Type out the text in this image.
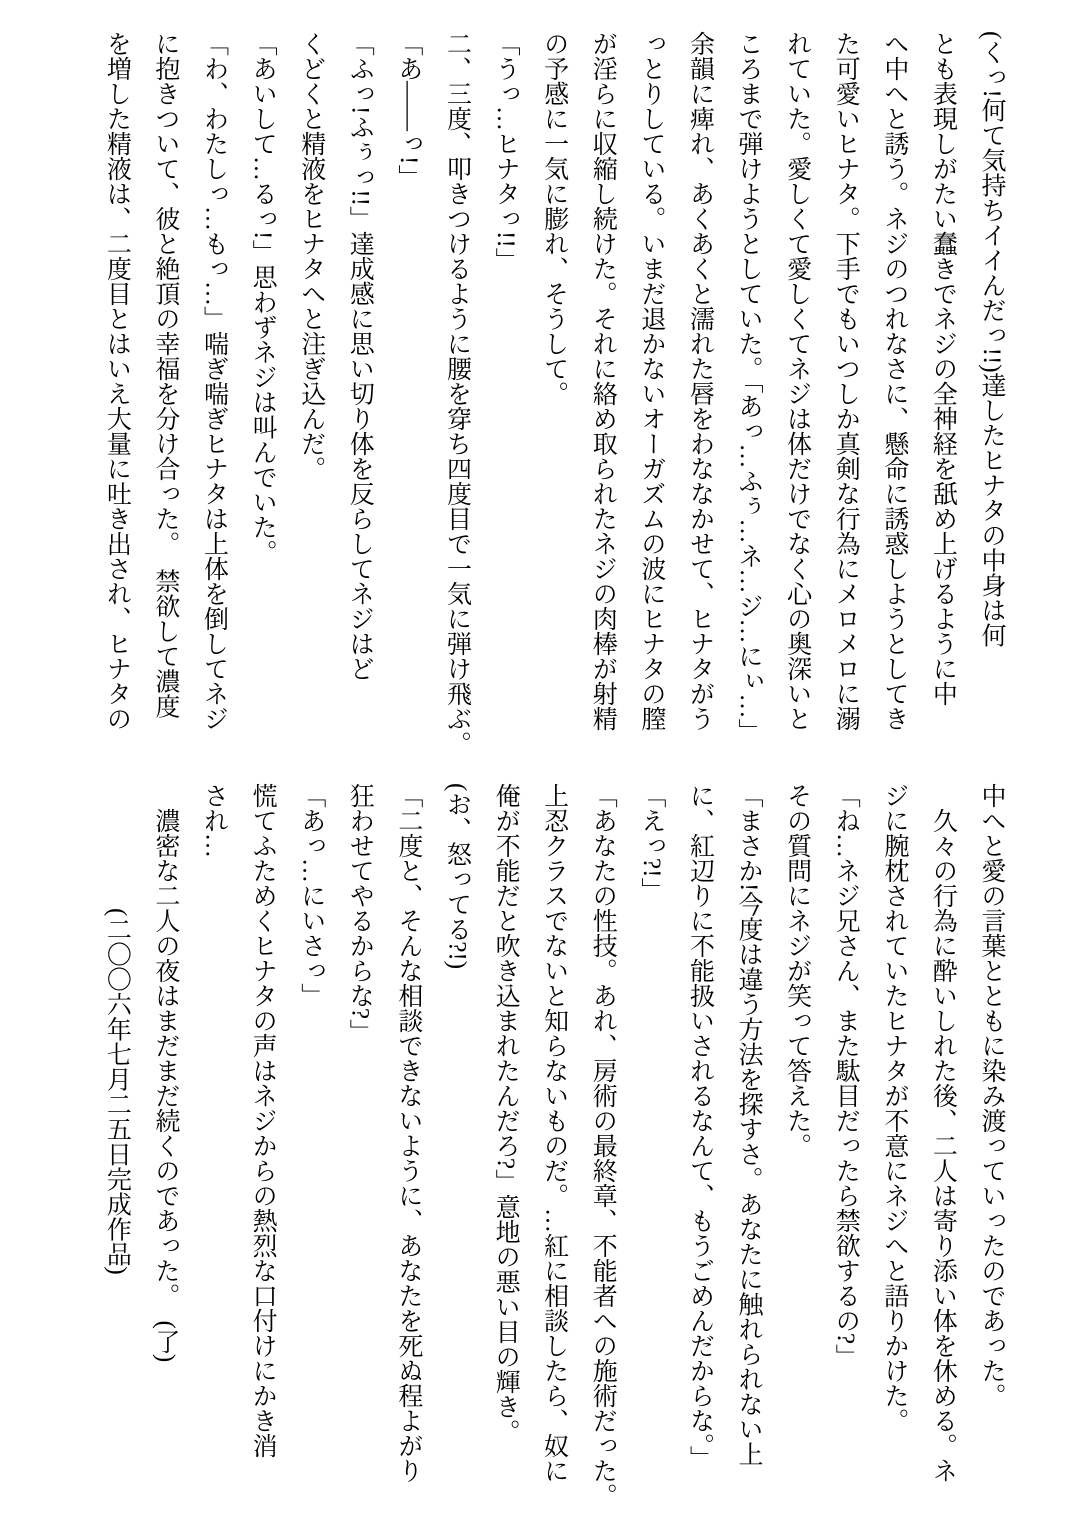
(くっ!何て気持ちイイんだっ!!)達したヒナタの中身は何
とも表現しがたい蠢きでネジの全神経を舐め上げるように中
へ中へと誘う。ネジのつれなさに、懸命に誘惑しようとしてき
た可愛いヒナタ。下手でもいつしか真剣な行為にメロメロに溺
れていた。愛しくて愛しくてネジは体だけでなく心の奥深いと
ころまで弾けようとしていた。「あっ…ふぅ…ネ…ジ…にぃ…」
余韻に痺れ、あくあくと濡れた唇をわななかせて、ヒナタがう
っとりしている。いまだ退かないオーガズムの波にヒナタの膣
が淫らに収縮し続けた。それに絡め取られたネジの肉棒が射精
の予感に一気に膨れ、そうして。
「うっ…ヒナタっ!!」
二、三度、叩きつけるように腰を穿ち四度目で一気に弾け飛ぶ。
「あ――っ!」
「ふっ!ふぅっ!!」達成感に思い切り体を反らしてネジはど
くどくと精液をヒナタへと注ぎ込んだ。
「あいして…るっ!」思わずネジは叫んでいた。
「わ、わたしっ…もっ…」喘ぎ喘ぎヒナタは上体を倒してネジ
に抱きついて、彼と絶頂の幸福を分け合った。　禁欲して濃度
を増した精液は、二度目とはいえ大量に吐き出され、ヒナタの
中へと愛の言葉とともに染み渡っていったのであった。
　久々の行為に酔いしれた後、二人は寄り添い体を休める。ネ
ジに腕枕されていたヒナタが不意にネジへと語りかけた。
「ね…ネジ兄さん、また駄目だったら禁欲するの?」
その質問にネジが笑って答えた。
「まさか!今度は違う方法を探すさ。あなたに触れられない上
に、紅辺りに不能扱いされるなんて、もうごめんだからな。」
「えっ?!」
「あなたの性技。あれ、房術の最終章、不能者への施術だった。
上忍クラスでないと知らないものだ。…紅に相談したら、奴に
俺が不能だと吹き込まれたんだろ?」意地の悪い目の輝き。
(お、怒ってる?!)
「二度と、そんな相談できないように、あなたを死ぬ程よがり
狂わせてやるからな?」
「あっ…にいさっ」
慌てふためくヒナタの声はネジからの熱烈な口付けにかき消
され…
　濃密な二人の夜はまだまだ続くのであった。　(了)
　　　　　(二〇〇六年七月二五日完成作品)
